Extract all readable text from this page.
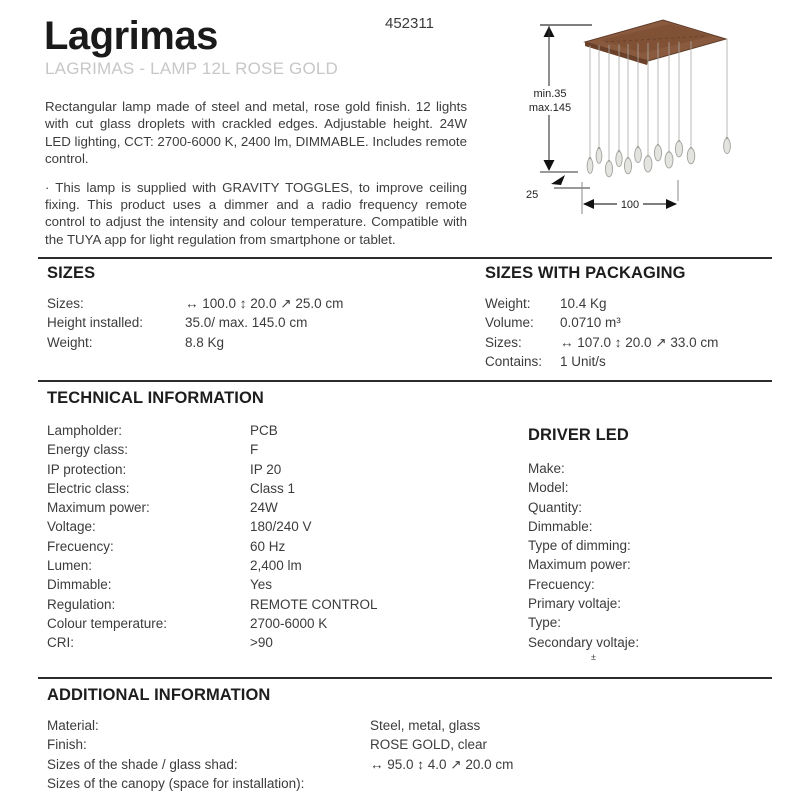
Lagrimas	452311
LAGRIMAS - LAMP 12L ROSE GOLD

Rectangular lamp made of steel and metal, rose gold finish. 12 lights with cut glass droplets with crackled edges. Adjustable height. 24W LED lighting, CCT: 2700-6000 K, 2400 lm, DIMMABLE. Includes remote control.

· This lamp is supplied with GRAVITY TOGGLES, to improve ceiling fixing. This product uses a dimmer and a radio frequency remote control to adjust the intensity and colour temperature. Compatible with the TUYA app for light regulation from smartphone or tablet.

min.35
max.145
25
100
SIZES
Sizes:	↔ 100.0 ↕ 20.0 ↗ 25.0 cm
Height installed:	35.0/ max. 145.0 cm
Weight:	8.8 Kg
SIZES WITH PACKAGING
Weight:	10.4 Kg
Volume:	0.0710 m³
Sizes:	↔ 107.0 ↕ 20.0 ↗ 33.0 cm
Contains:	1 Unit/s
TECHNICAL INFORMATION
Lampholder:	PCB
Energy class:	F
IP protection:	IP 20
Electric class:	Class 1
Maximum power:	24W
Voltage:	180/240 V
Frecuency:	60 Hz
Lumen:	2,400 lm
Dimmable:	Yes
Regulation:	REMOTE CONTROL
Colour temperature:	2700-6000 K
CRI:	>90
DRIVER LED
Make:
Model:
Quantity:
Dimmable:
Type of dimming:
Maximum power:
Frecuency:
Primary voltaje:
Type:
Secondary voltaje:
±
ADDITIONAL INFORMATION
Material:	Steel, metal, glass
Finish:	ROSE GOLD, clear
Sizes of the shade / glass shad:	↔ 95.0 ↕ 4.0 ↗ 20.0 cm
Sizes of the canopy (space for installation):
